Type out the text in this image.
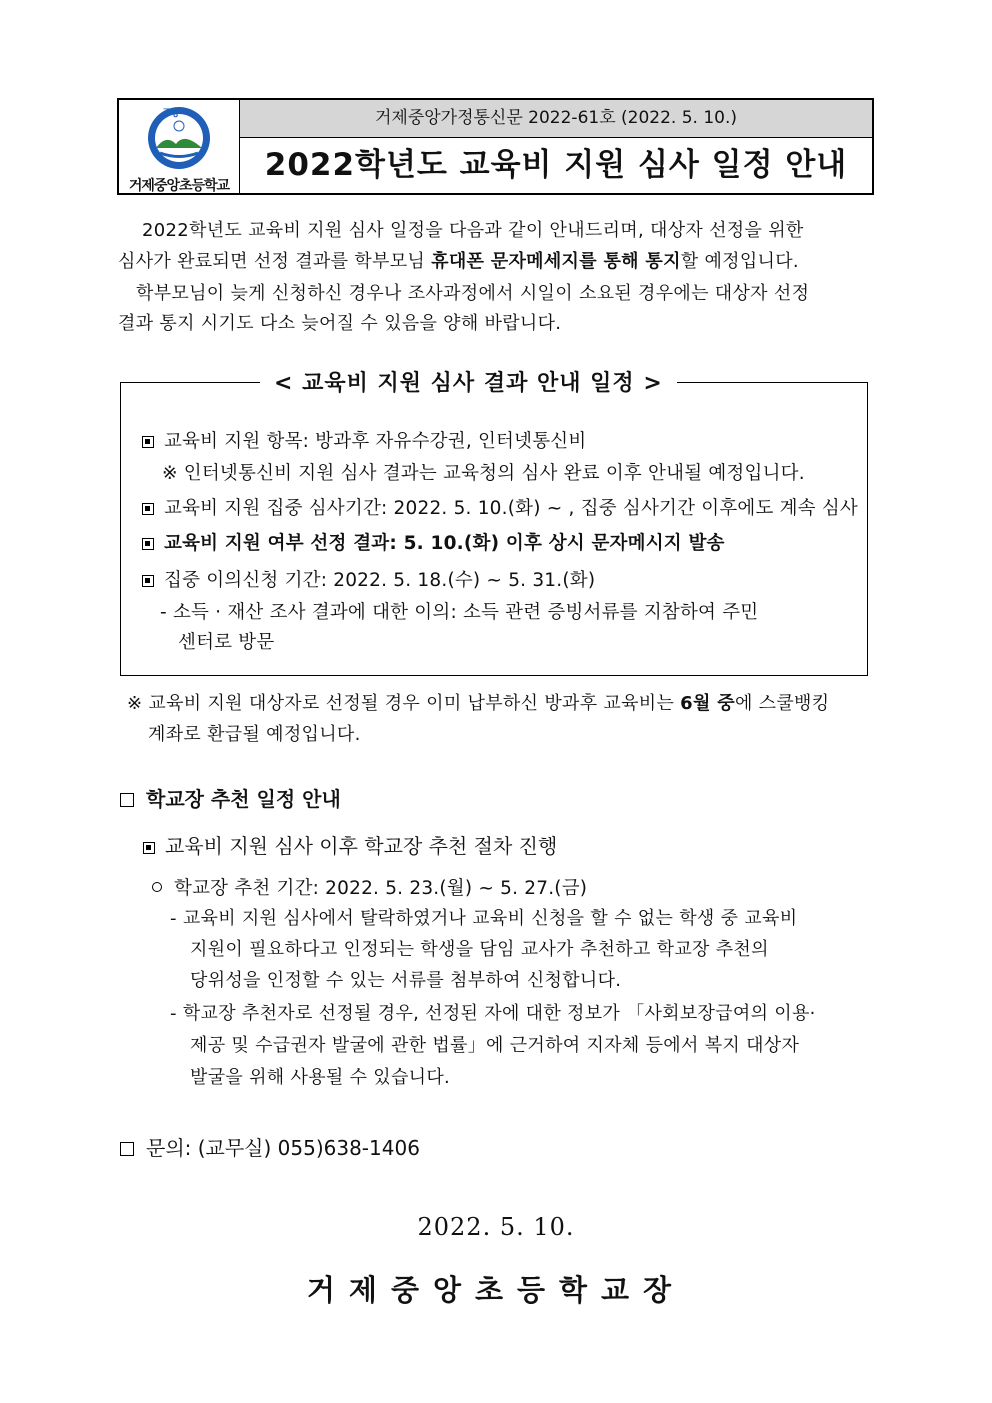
중앙
거제중앙초등학교
거제중앙가정통신문 2022-61호 (2022. 5. 10.)
2022학년도 교육비 지원 심사 일정 안내
2022학년도 교육비 지원 심사 일정을 다음과 같이 안내드리며, 대상자 선정을 위한
심사가 완료되면 선정 결과를 학부모님 휴대폰 문자메세지를 통해 통지할 예정입니다.
학부모님이 늦게 신청하신 경우나 조사과정에서 시일이 소요된 경우에는 대상자 선정
결과 통지 시기도 다소 늦어질 수 있음을 양해 바랍니다.
< 교육비 지원 심사 결과 안내 일정 >
교육비 지원 항목: 방과후 자유수강권, 인터넷통신비
※ 인터넷통신비 지원 심사 결과는 교육청의 심사 완료 이후 안내될 예정입니다.
교육비 지원 집중 심사기간: 2022. 5. 10.(화) ~ , 집중 심사기간 이후에도 계속 심사
교육비 지원 여부 선정 결과: 5. 10.(화) 이후 상시 문자메시지 발송
집중 이의신청 기간: 2022. 5. 18.(수) ~ 5. 31.(화)
- 소득 · 재산 조사 결과에 대한 이의: 소득 관련 증빙서류를 지참하여 주민
센터로 방문
※ 교육비 지원 대상자로 선정될 경우 이미 납부하신 방과후 교육비는 6월 중에 스쿨뱅킹
계좌로 환급될 예정입니다.
학교장 추천 일정 안내
교육비 지원 심사 이후 학교장 추천 절차 진행
학교장 추천 기간: 2022. 5. 23.(월) ~ 5. 27.(금)
- 교육비 지원 심사에서 탈락하였거나 교육비 신청을 할 수 없는 학생 중 교육비
지원이 필요하다고 인정되는 학생을 담임 교사가 추천하고 학교장 추천의
당위성을 인정할 수 있는 서류를 첨부하여 신청합니다.
- 학교장 추천자로 선정될 경우, 선정된 자에 대한 정보가 「사회보장급여의 이용·
제공 및 수급권자 발굴에 관한 법률」에 근거하여 지자체 등에서 복지 대상자
발굴을 위해 사용될 수 있습니다.
문의: (교무실) 055)638-1406
2022. 5. 10.
거제중앙초등학교장
